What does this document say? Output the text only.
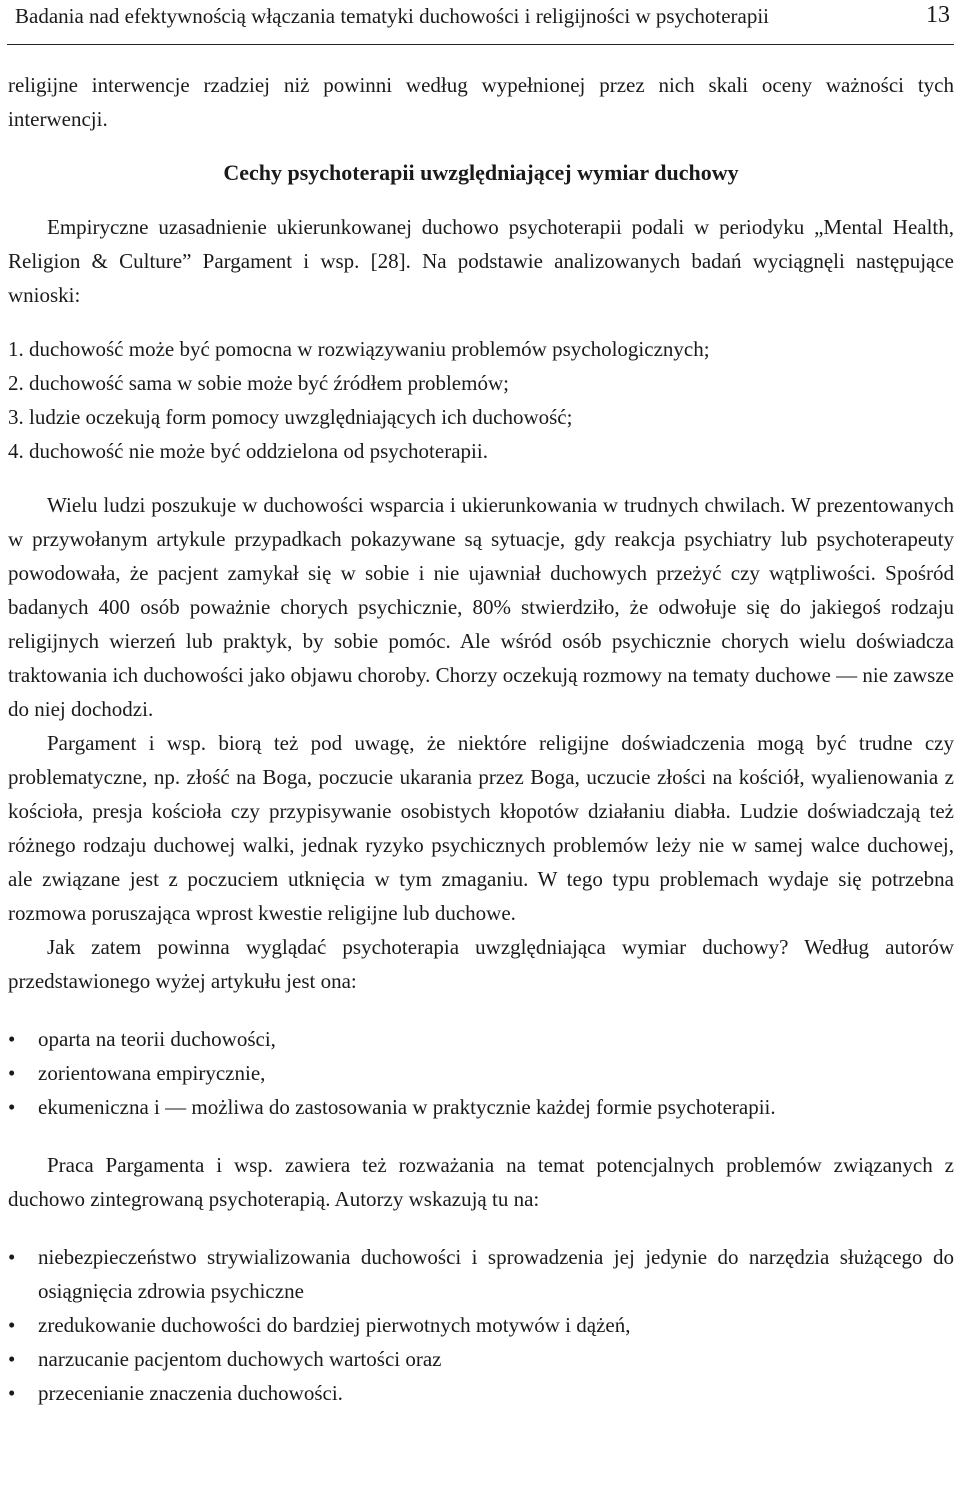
Badania nad efektywnością włączania tematyki duchowości i religijności w psychoterapii	13

religijne interwencje rzadziej niż powinni według wypełnionej przez nich skali oceny ważności tych interwencji.

Cechy psychoterapii uwzględniającej wymiar duchowy

Empiryczne uzasadnienie ukierunkowanej duchowo psychoterapii podali w periodyku „Mental Health, Religion & Culture” Pargament i wsp. [28]. Na podstawie analizowanych badań wyciągnęli następujące wnioski:

1. duchowość może być pomocna w rozwiązywaniu problemów psychologicznych;
2. duchowość sama w sobie może być źródłem problemów;
3. ludzie oczekują form pomocy uwzględniających ich duchowość;
4. duchowość nie może być oddzielona od psychoterapii.

Wielu ludzi poszukuje w duchowości wsparcia i ukierunkowania w trudnych chwilach. W prezentowanych w przywołanym artykule przypadkach pokazywane są sytuacje, gdy reakcja psychiatry lub psychoterapeuty powodowała, że pacjent zamykał się w sobie i nie ujawniał duchowych przeżyć czy wątpliwości. Spośród badanych 400 osób poważnie chorych psychicznie, 80% stwierdziło, że odwołuje się do jakiegoś rodzaju religijnych wierzeń lub praktyk, by sobie pomóc. Ale wśród osób psychicznie chorych wielu doświadcza traktowania ich duchowości jako objawu choroby. Chorzy oczekują rozmowy na tematy duchowe — nie zawsze do niej dochodzi.

Pargament i wsp. biorą też pod uwagę, że niektóre religijne doświadczenia mogą być trudne czy problematyczne, np. złość na Boga, poczucie ukarania przez Boga, uczucie złości na kościół, wyalienowania z kościoła, presja kościoła czy przypisywanie osobistych kłopotów działaniu diabła. Ludzie doświadczają też różnego rodzaju duchowej walki, jednak ryzyko psychicznych problemów leży nie w samej walce duchowej, ale związane jest z poczuciem utknięcia w tym zmaganiu. W tego typu problemach wydaje się potrzebna rozmowa poruszająca wprost kwestie religijne lub duchowe.

Jak zatem powinna wyglądać psychoterapia uwzględniająca wymiar duchowy? Według autorów przedstawionego wyżej artykułu jest ona:

• oparta na teorii duchowości,
• zorientowana empirycznie,
• ekumeniczna i — możliwa do zastosowania w praktycznie każdej formie psychoterapii.

Praca Pargamenta i wsp. zawiera też rozważania na temat potencjalnych problemów związanych z duchowo zintegrowaną psychoterapią. Autorzy wskazują tu na:

• niebezpieczeństwo strywializowania duchowości i sprowadzenia jej jedynie do narzędzia służącego do osiągnięcia zdrowia psychiczne
• zredukowanie duchowości do bardziej pierwotnych motywów i dążeń,
• narzucanie pacjentom duchowych wartości oraz
• przecenianie znaczenia duchowości.
